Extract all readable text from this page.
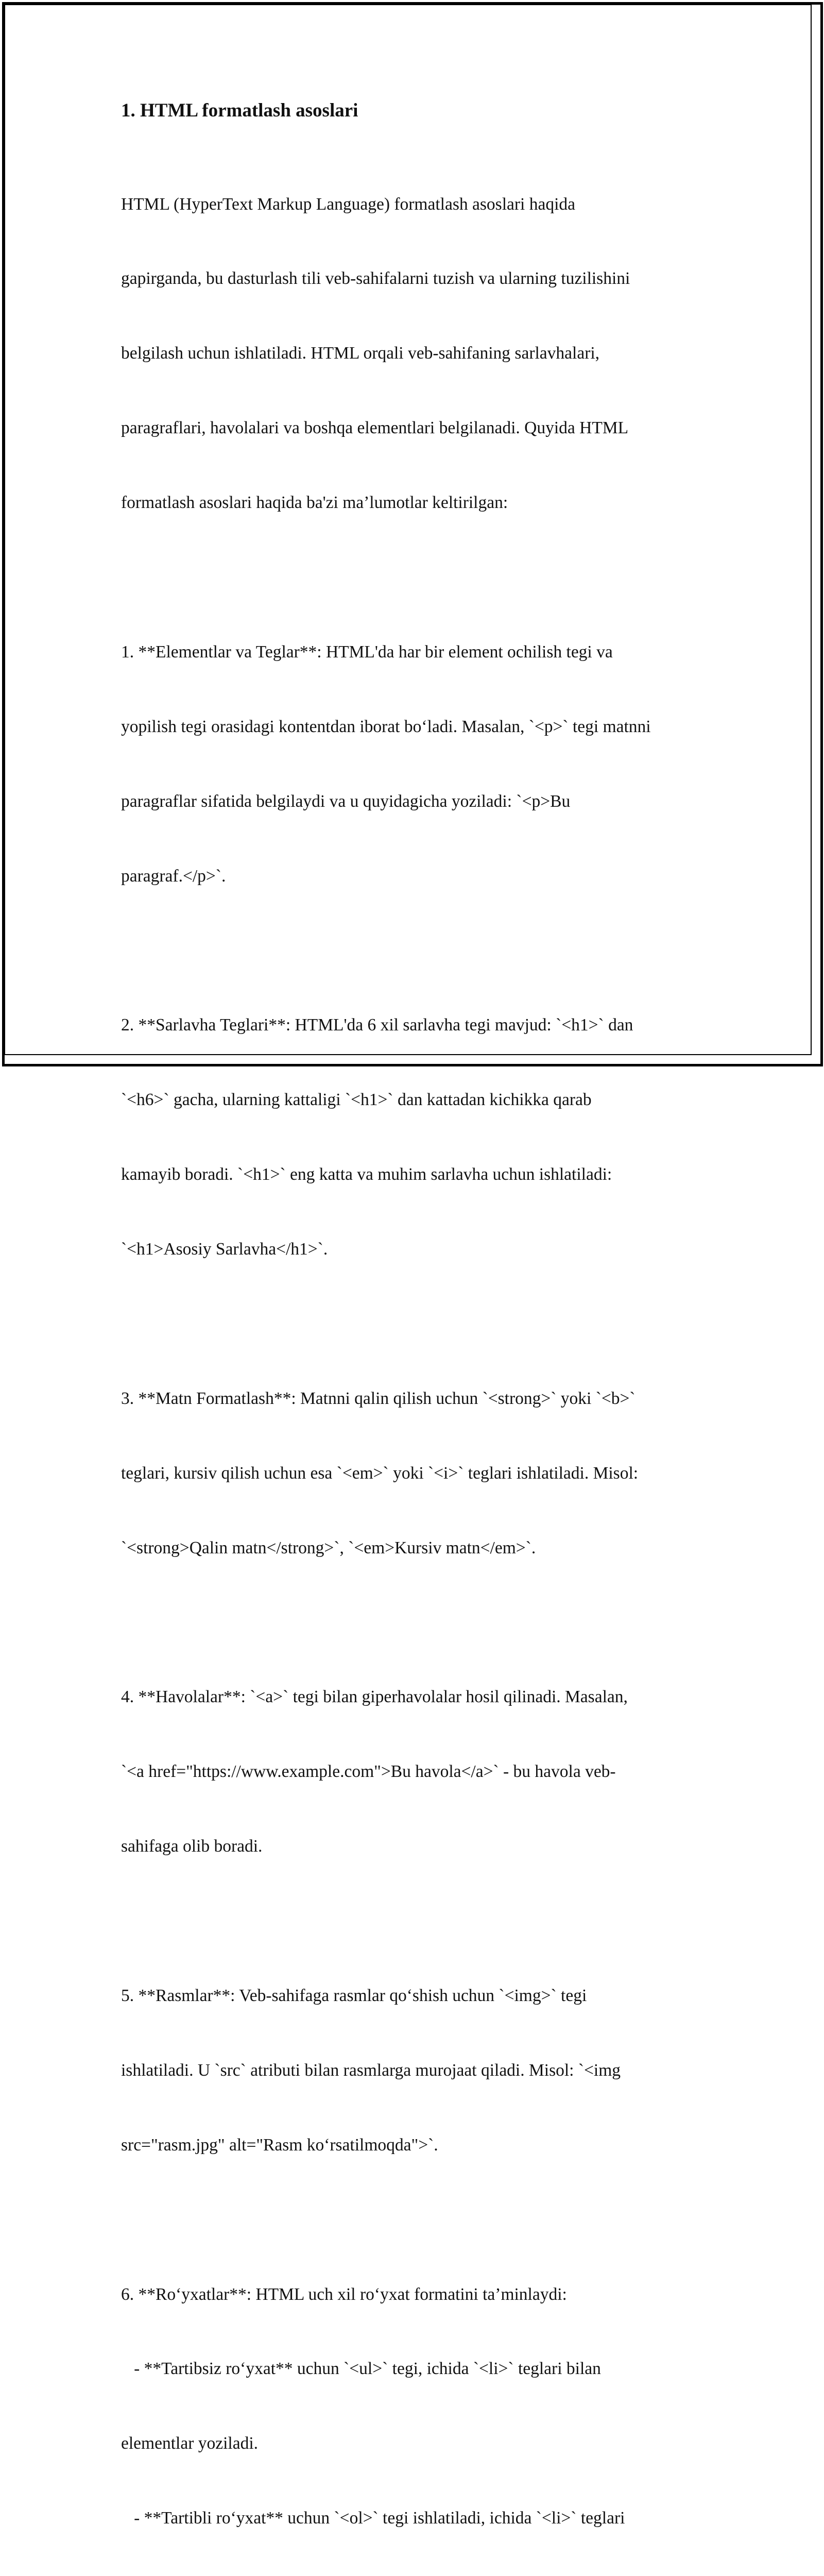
1. HTML formatlash asoslari

HTML (HyperText Markup Language) formatlash asoslari haqida

gapirganda, bu dasturlash tili veb-sahifalarni tuzish va ularning tuzilishini

belgilash uchun ishlatiladi. HTML orqali veb-sahifaning sarlavhalari,

paragraflari, havolalari va boshqa elementlari belgilanadi. Quyida HTML

formatlash asoslari haqida ba'zi ma’lumotlar keltirilgan:

1. **Elementlar va Teglar**: HTML'da har bir element ochilish tegi va

yopilish tegi orasidagi kontentdan iborat bo‘ladi. Masalan, `<p>` tegi matnni

paragraflar sifatida belgilaydi va u quyidagicha yoziladi: `<p>Bu

paragraf.</p>`.

2. **Sarlavha Teglari**: HTML'da 6 xil sarlavha tegi mavjud: `<h1>` dan

`<h6>` gacha, ularning kattaligi `<h1>` dan kattadan kichikka qarab

kamayib boradi. `<h1>` eng katta va muhim sarlavha uchun ishlatiladi:

`<h1>Asosiy Sarlavha</h1>`.

3. **Matn Formatlash**: Matnni qalin qilish uchun `<strong>` yoki `<b>`

teglari, kursiv qilish uchun esa `<em>` yoki `<i>` teglari ishlatiladi. Misol:

`<strong>Qalin matn</strong>`, `<em>Kursiv matn</em>`.

4. **Havolalar**: `<a>` tegi bilan giperhavolalar hosil qilinadi. Masalan,

`<a href="https://www.example.com">Bu havola</a>` - bu havola veb-

sahifaga olib boradi.

5. **Rasmlar**: Veb-sahifaga rasmlar qo‘shish uchun `<img>` tegi

ishlatiladi. U `src` atributi bilan rasmlarga murojaat qiladi. Misol: `<img

src="rasm.jpg" alt="Rasm ko‘rsatilmoqda">`.

6. **Ro‘yxatlar**: HTML uch xil ro‘yxat formatini ta’minlaydi:

- **Tartibsiz ro‘yxat** uchun `<ul>` tegi, ichida `<li>` teglari bilan

elementlar yoziladi.

- **Tartibli ro‘yxat** uchun `<ol>` tegi ishlatiladi, ichida `<li>` teglari
